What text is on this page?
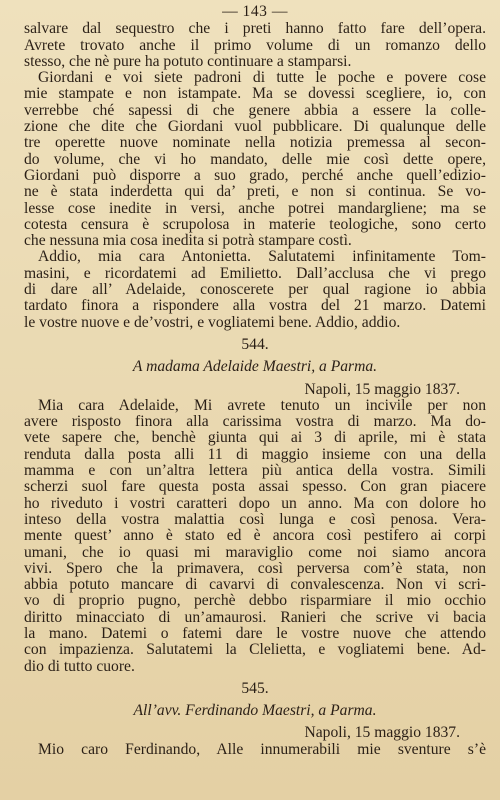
— 143 —
salvare dal sequestro che i preti hanno fatto fare dell’opera.
Avrete trovato anche il primo volume di un romanzo dello
stesso, che nè pure ha potuto continuare a stamparsi.
Giordani e voi siete padroni di tutte le poche e povere cose
mie stampate e non istampate. Ma se dovessi scegliere, io, con
verrebbe ché sapessi di che genere abbia a essere la colle-
zione che dite che Giordani vuol pubblicare. Di qualunque delle
tre operette nuove nominate nella notizia premessa al secon-
do volume, che vi ho mandato, delle mie così dette opere,
Giordani può disporre a suo grado, perché anche quell’edizio-
ne è stata inderdetta qui da’ preti, e non si continua. Se vo-
lesse cose inedite in versi, anche potrei mandargliene; ma se
cotesta censura è scrupolosa in materie teologiche, sono certo
che nessuna mia cosa inedita si potrà stampare costì.
Addio, mia cara Antonietta. Salutatemi infinitamente Tom-
masini, e ricordatemi ad Emilietto. Dall’acclusa che vi prego
di dare all’ Adelaide, conoscerete per qual ragione io abbia
tardato finora a rispondere alla vostra del 21 marzo. Datemi
le vostre nuove e de’vostri, e vogliatemi bene. Addio, addio.
544.
A madama Adelaide Maestri, a Parma.
Napoli, 15 maggio 1837.
Mia cara Adelaide, Mi avrete tenuto un incivile per non
avere risposto finora alla carissima vostra di marzo. Ma do-
vete sapere che, benchè giunta qui ai 3 di aprile, mi è stata
renduta dalla posta alli 11 di maggio insieme con una della
mamma e con un’altra lettera più antica della vostra. Simili
scherzi suol fare questa posta assai spesso. Con gran piacere
ho riveduto i vostri caratteri dopo un anno. Ma con dolore ho
inteso della vostra malattia così lunga e così penosa. Vera-
mente quest’ anno è stato ed è ancora così pestifero ai corpi
umani, che io quasi mi maraviglio come noi siamo ancora
vivi. Spero che la primavera, così perversa com’è stata, non
abbia potuto mancare di cavarvi di convalescenza. Non vi scri-
vo di proprio pugno, perchè debbo risparmiare il mio occhio
diritto minacciato di un’amaurosi. Ranieri che scrive vi bacia
la mano. Datemi o fatemi dare le vostre nuove che attendo
con impazienza. Salutatemi la Clelietta, e vogliatemi bene. Ad-
dio di tutto cuore.
545.
All’avv. Ferdinando Maestri, a Parma.
Napoli, 15 maggio 1837.
Mio caro Ferdinando, Alle innumerabili mie sventure s’è
